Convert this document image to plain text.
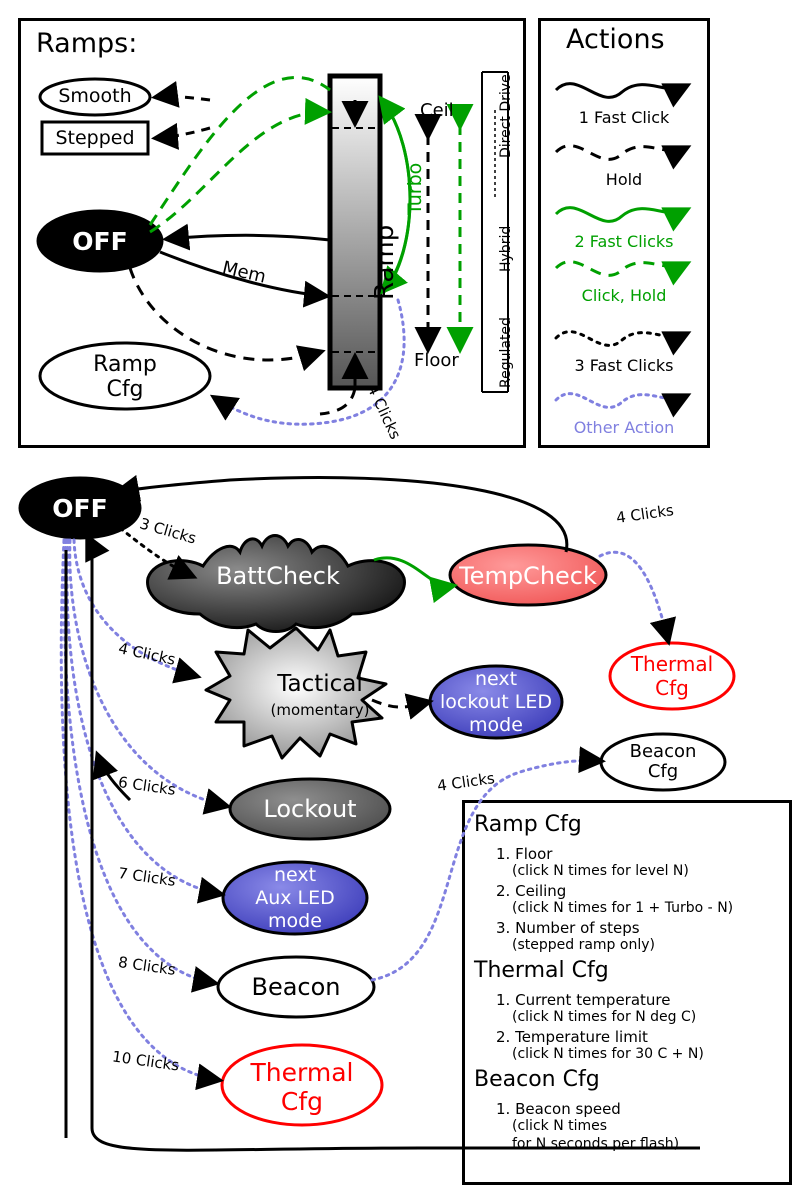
Ramps:
Smooth
Stepped
OFF
Ramp
Cfg
Ramp
Ceil
Floor
Turbo
Mem
4 Clicks
Regulated
Hybrid
Direct Drive
Actions
1 Fast Click
Hold
2 Fast Clicks
Click, Hold
3 Fast Clicks
Other Action
OFF
BattCheck	TempCheck
Thermal
Cfg
Tactical
(momentary)
next
lockout LED
mode
Beacon
Cfg
Lockout
next
Aux LED
mode
Beacon
Thermal
Cfg
3 Clicks
4 Clicks
6 Clicks
7 Clicks
8 Clicks
10 Clicks
4 Clicks
4 Clicks
Ramp Cfg
1. Floor
(click N times for level N)
2. Ceiling
(click N times for 1 + Turbo - N)
3. Number of steps
(stepped ramp only)
Thermal Cfg
1. Current temperature
(click N times for N deg C)
2. Temperature limit
(click N times for 30 C + N)
Beacon Cfg
1. Beacon speed
(click N times
for N seconds per flash)
